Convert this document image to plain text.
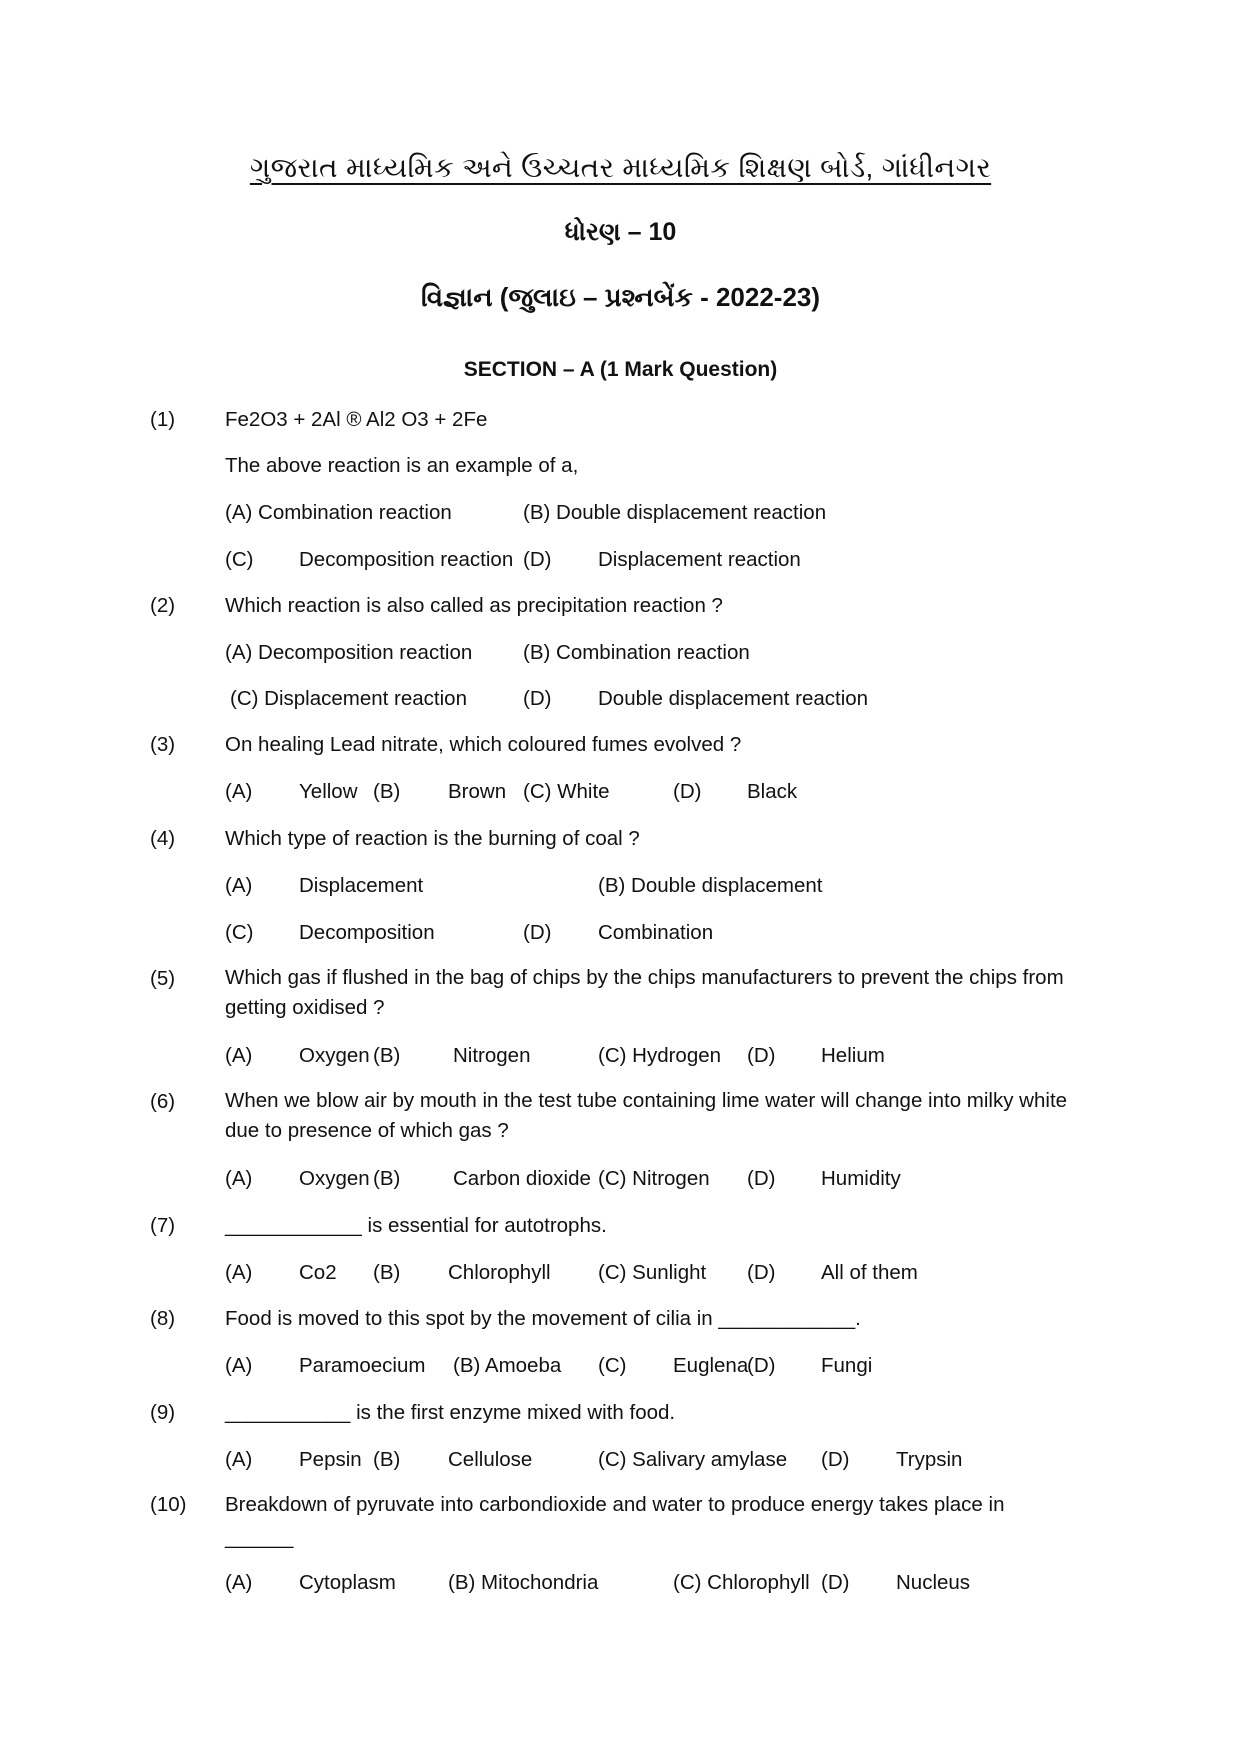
ગુજરાત માધ્યમિક અને ઉચ્ચતર માધ્યમિક શિક્ષણ બોર્ડ, ગાંધીનગર
ધોરણ – 10
વિજ્ઞાન (જુલાઇ – પ્રશ્નબેંક - 2022-23)
SECTION – A (1 Mark Question)
(1) Fe2O3 + 2Al ® Al2 O3 + 2Fe
The above reaction is an example of a,
(A) Combination reaction	(B) Double displacement reaction
(C) Decomposition reaction (D) Displacement reaction
(2) Which reaction is also called as precipitation reaction ?
(A) Decomposition reaction (B) Combination reaction
(C) Displacement reaction	(D) Double displacement reaction
(3) On healing Lead nitrate, which coloured fumes evolved ?
(A) Yellow (B) Brown (C) White	(D) Black
(4) Which type of reaction is the burning of coal ?
(A) Displacement	(B) Double displacement
(C) Decomposition	(D) Combination
(5) Which gas if flushed in the bag of chips by the chips manufacturers to prevent the chips from getting oxidised ?
(A) Oxygen (B)	Nitrogen	(C) Hydrogen (D) Helium
(6) When we blow air by mouth in the test tube containing lime water will change into milky white due to presence of which gas ?
(A) Oxygen (B)	Carbon dioxide (C) Nitrogen (D) Humidity
(7) ____________ is essential for autotrophs.
(A) Co2 (B) Chlorophyll (C) Sunlight (D) All of them
(8) Food is moved to this spot by the movement of cilia in ____________.
(A) Paramoecium (B) Amoeba (C) Euglena
(D) Fungi
(9) ___________ is the first enzyme mixed with food.
(A) Pepsin (B) Cellulose	(C) Salivary amylase (D) Trypsin
(10) Breakdown of pyruvate into carbondioxide and water to produce energy takes place in
______
(A) Cytoplasm	(B) Mitochondria	(C) Chlorophyll (D) Nucleus
